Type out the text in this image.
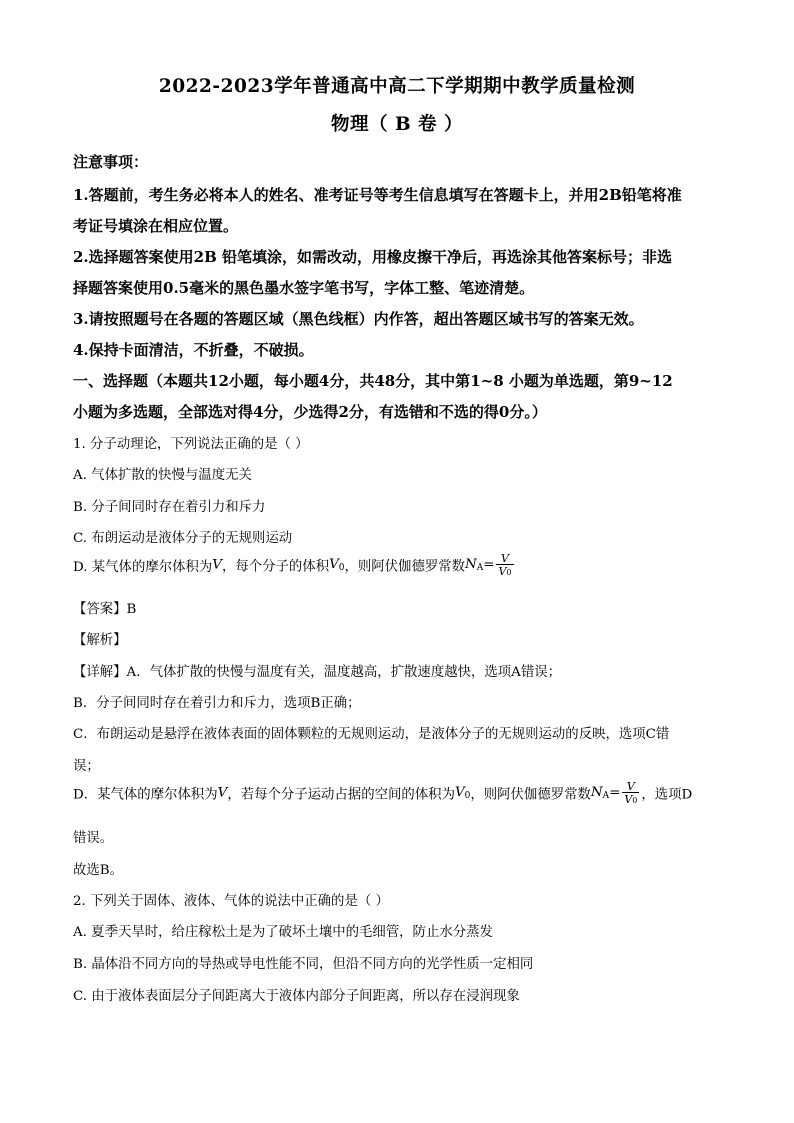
2022-2023学年普通高中高二下学期期中教学质量检测
物理（ B 卷 ）
注意事项：
1.答题前，考生务必将本人的姓名、准考证号等考生信息填写在答题卡上，并用2B铅笔将准
考证号填涂在相应位置。
2.选择题答案使用2B 铅笔填涂，如需改动，用橡皮擦干净后，再选涂其他答案标号；非选
择题答案使用0.5毫米的黑色墨水签字笔书写，字体工整、笔迹清楚。
3.请按照题号在各题的答题区域（黑色线框）内作答，超出答题区域书写的答案无效。
4.保持卡面清洁，不折叠，不破损。
一、选择题（本题共12小题，每小题4分，共48分，其中第1~8 小题为单选题，第9~12
小题为多选题，全部选对得4分，少选得2分，有选错和不选的得0分。）
1. 分子动理论，下列说法正确的是（ ）
A. 气体扩散的快慢与温度无关
B. 分子间同时存在着引力和斥力
C. 布朗运动是液体分子的无规则运动
D. 某气体的摩尔体积为V，每个分子的体积$V_0$，则阿伏伽德罗常数$N_A= \frac{V}{V0}$
【答案】B
【解析】
【详解】A．气体扩散的快慢与温度有关，温度越高，扩散速度越快，选项A错误；
B．分子间同时存在着引力和斥力，选项B正确；
C．布朗运动是悬浮在液体表面的固体颗粒的无规则运动，是液体分子的无规则运动的反映，选项C错
误；
D．某气体的摩尔体积为V，若每个分子运动占据的空间的体积为$V_0$，则阿伏伽德罗常数$N_A= \frac{V}{V0}$ ，选项D
错误。
故选B。
2. 下列关于固体、液体、气体的说法中正确的是（ ）
A. 夏季天旱时，给庄稼松土是为了破坏土壤中的毛细管，防止水分蒸发
B. 晶体沿不同方向的导热或导电性能不同，但沿不同方向的光学性质一定相同
C. 由于液体表面层分子间距离大于液体内部分子间距离，所以存在浸润现象
